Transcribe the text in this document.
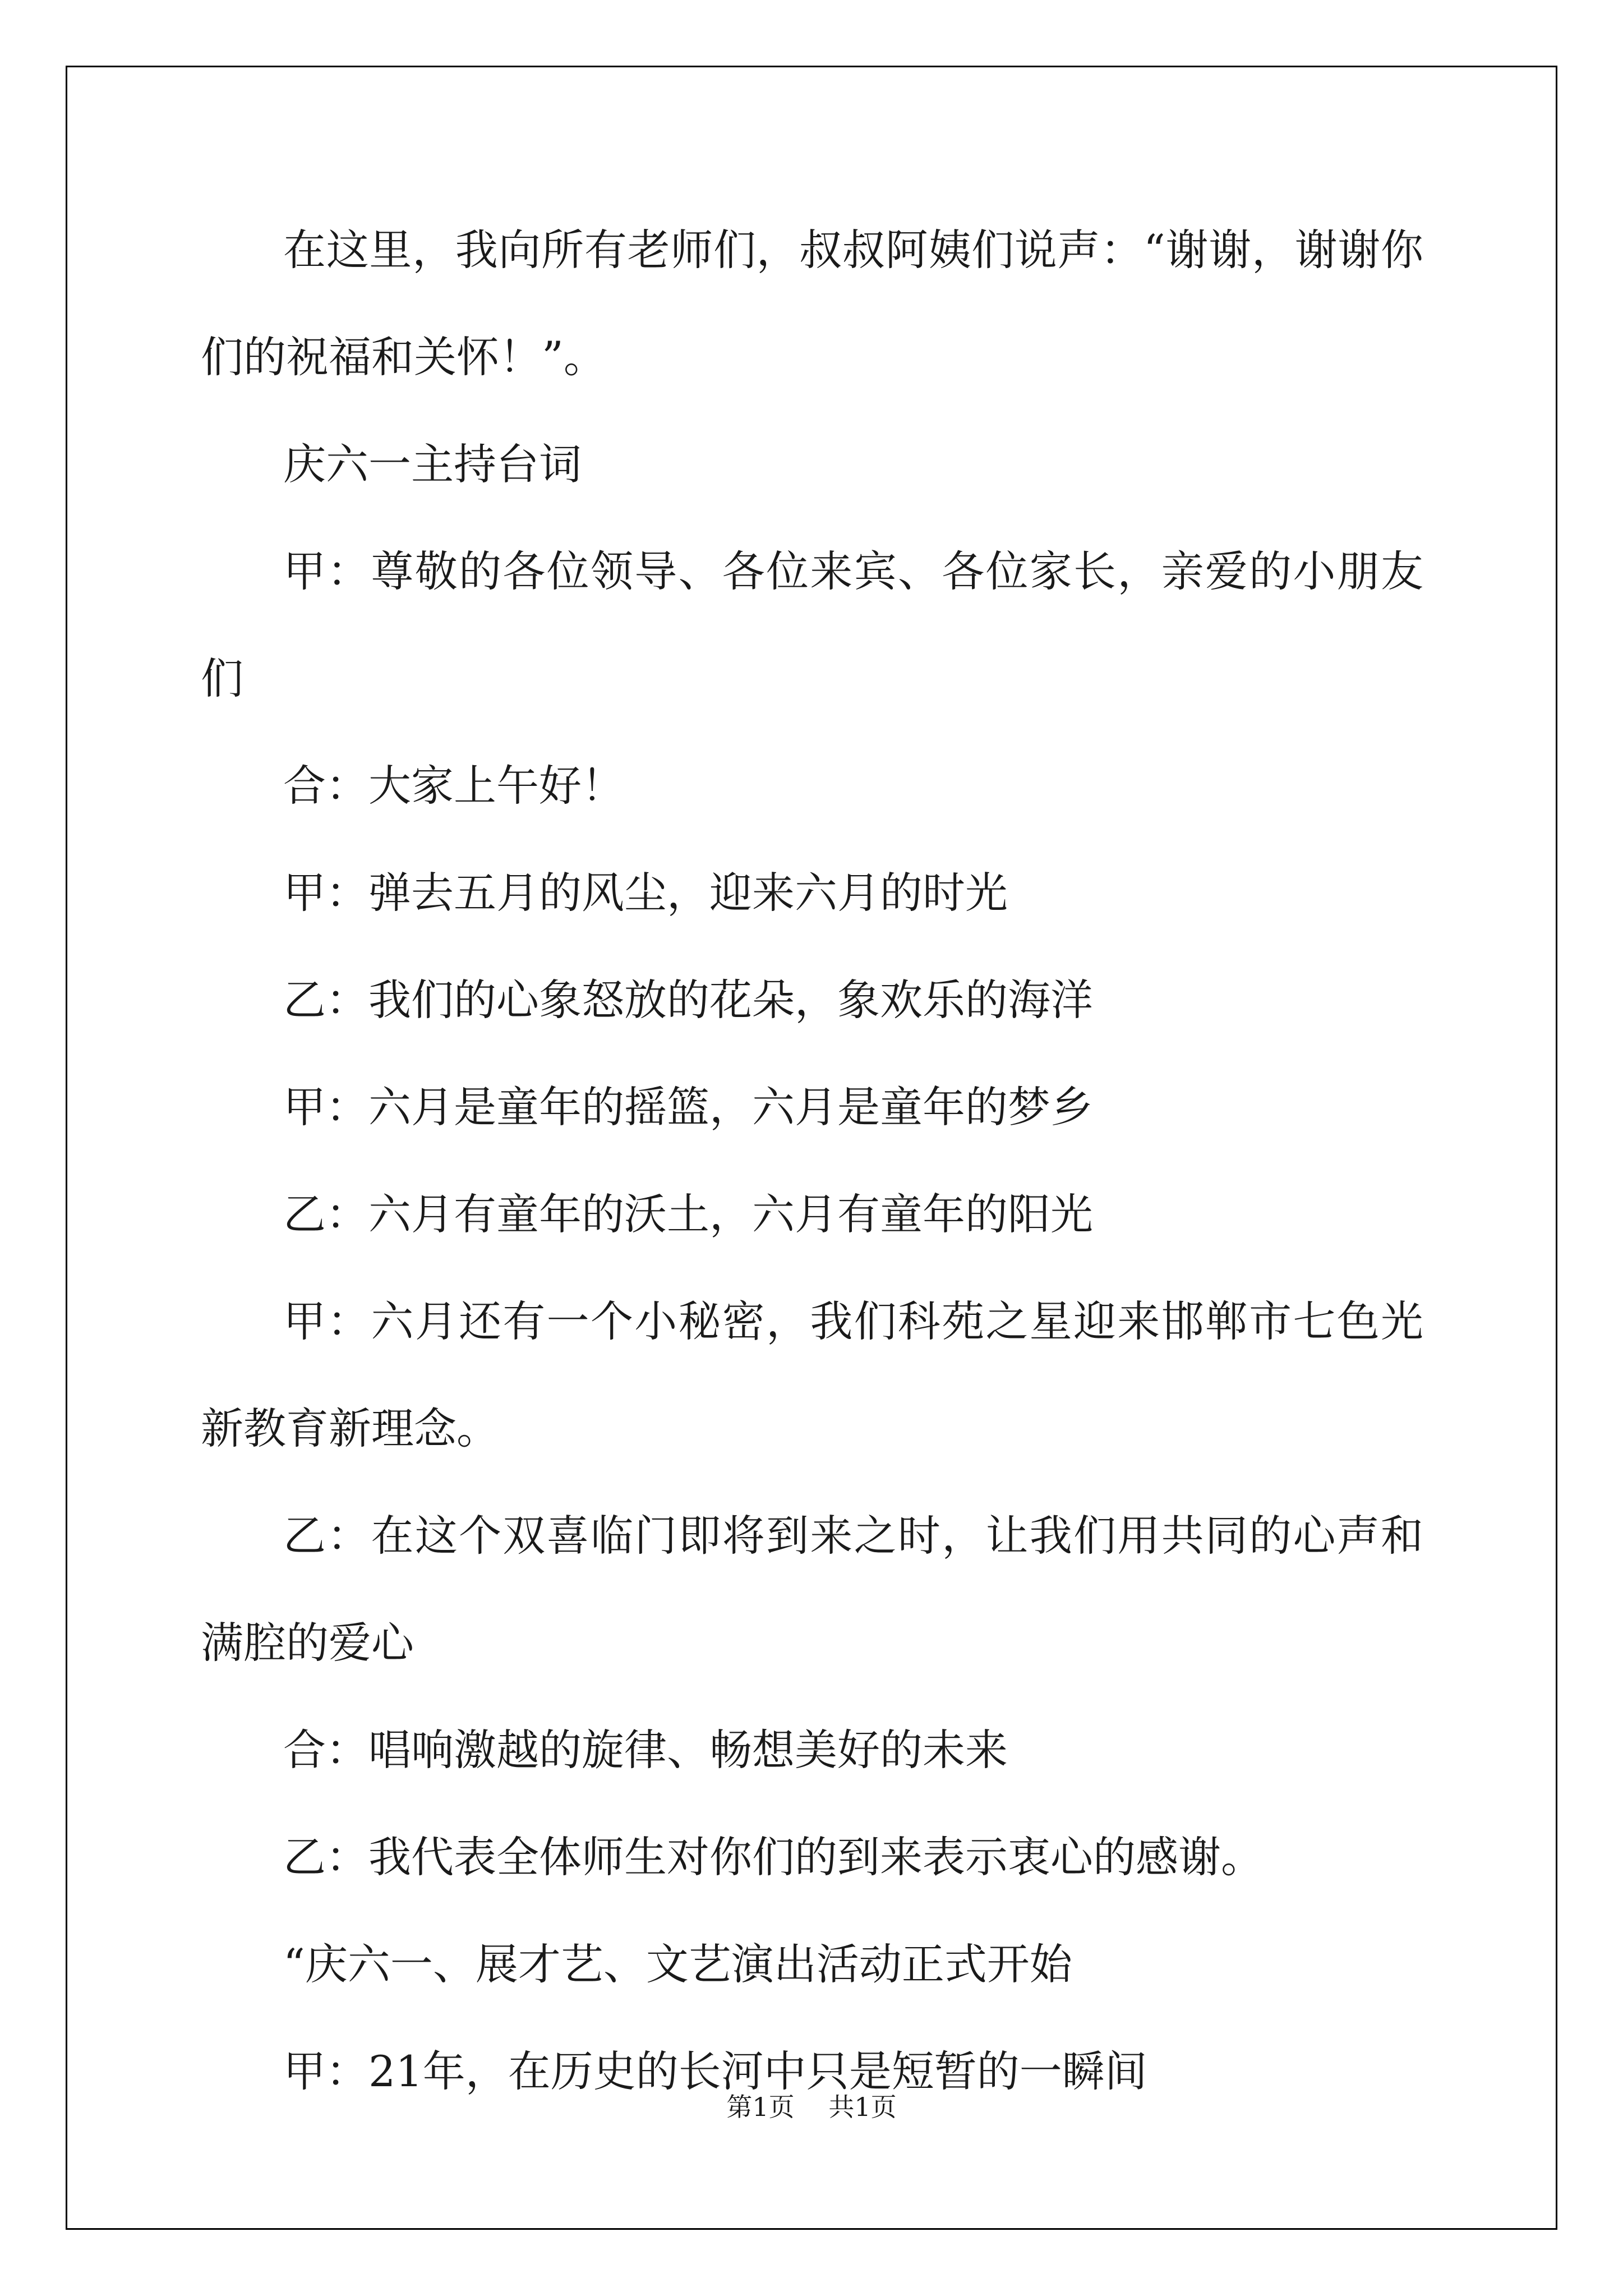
在这里，我向所有老师们，叔叔阿姨们说声：“谢谢，谢谢你们的祝福和关怀！”。

庆六一主持台词

甲：尊敬的各位领导、各位来宾、各位家长，亲爱的小朋友们

合：大家上午好！

甲：弹去五月的风尘，迎来六月的时光

乙：我们的心象怒放的花朵，象欢乐的海洋

甲：六月是童年的摇篮，六月是童年的梦乡

乙：六月有童年的沃土，六月有童年的阳光

甲：六月还有一个小秘密，我们科苑之星迎来邯郸市七色光新教育新理念。

乙：在这个双喜临门即将到来之时，让我们用共同的心声和满腔的爱心

合：唱响激越的旋律、畅想美好的未来

乙：我代表全体师生对你们的到来表示衷心的感谢。

“庆六一、展才艺、文艺演出活动正式开始

甲：21年，在历史的长河中只是短暂的一瞬间

第1页 共1页
